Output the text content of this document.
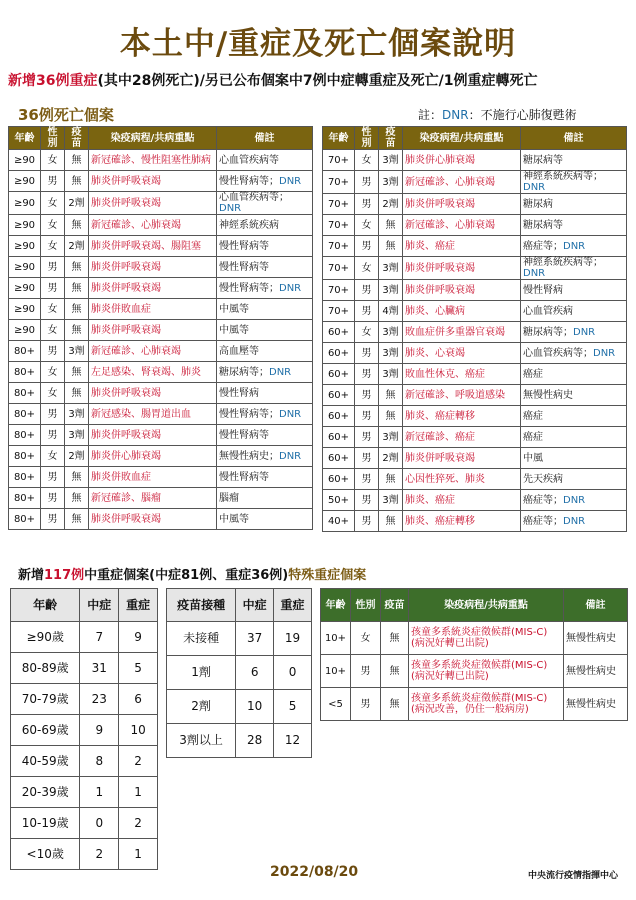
本土中/重症及死亡個案說明
新增36例重症(其中28例死亡)/另已公布個案中7例中症轉重症及死亡/1例重症轉死亡
36例死亡個案	註：DNR：不施行心肺復甦術
年齡	性別	疫苗	染疫病程/共病重點	備註
≥90	女	無	新冠確診、慢性阻塞性肺病	心血管疾病等
≥90	男	無	肺炎併呼吸衰竭	慢性腎病等；DNR
≥90	女	2劑	肺炎併呼吸衰竭	心血管疾病等；DNR
≥90	女	無	新冠確診、心肺衰竭	神經系統疾病
≥90	女	2劑	肺炎併呼吸衰竭、腸阻塞	慢性腎病等
≥90	男	無	肺炎併呼吸衰竭	慢性腎病等
≥90	男	無	肺炎併呼吸衰竭	慢性腎病等；DNR
≥90	女	無	肺炎併敗血症	中風等
≥90	女	無	肺炎併呼吸衰竭	中風等
80+	男	3劑	新冠確診、心肺衰竭	高血壓等
80+	女	無	左足感染、腎衰竭、肺炎	糖尿病等；DNR
80+	女	無	肺炎併呼吸衰竭	慢性腎病
80+	男	3劑	新冠感染、腸胃道出血	慢性腎病等；DNR
80+	男	3劑	肺炎併呼吸衰竭	慢性腎病等
80+	女	2劑	肺炎併心肺衰竭	無慢性病史；DNR
80+	男	無	肺炎併敗血症	慢性腎病等
80+	男	無	新冠確診、腦瘤	腦瘤
80+	男	無	肺炎併呼吸衰竭	中風等
年齡	性別	疫苗	染疫病程/共病重點	備註
70+	女	3劑	肺炎併心肺衰竭	糖尿病等
70+	男	3劑	新冠確診、心肺衰竭	神經系統疾病等；DNR
70+	男	2劑	肺炎併呼吸衰竭	糖尿病
70+	女	無	新冠確診、心肺衰竭	糖尿病等
70+	男	無	肺炎、癌症	癌症等；DNR
70+	女	3劑	肺炎併呼吸衰竭	神經系統疾病等；DNR
70+	男	3劑	肺炎併呼吸衰竭	慢性腎病
70+	男	4劑	肺炎、心臟病	心血管疾病
60+	女	3劑	敗血症併多重器官衰竭	糖尿病等；DNR
60+	男	3劑	肺炎、心衰竭	心血管疾病等；DNR
60+	男	3劑	敗血性休克、癌症	癌症
60+	男	無	新冠確診、呼吸道感染	無慢性病史
60+	男	無	肺炎、癌症轉移	癌症
60+	男	3劑	新冠確診、癌症	癌症
60+	男	2劑	肺炎併呼吸衰竭	中風
60+	男	無	心因性猝死、肺炎	先天疾病
50+	男	3劑	肺炎、癌症	癌症等；DNR
40+	男	無	肺炎、癌症轉移	癌症等；DNR
新增117例中重症個案(中症81例、重症36例)特殊重症個案
年齡	中症	重症
≥90歲	7	9
80-89歲	31	5
70-79歲	23	6
60-69歲	9	10
40-59歲	8	2
20-39歲	1	1
10-19歲	0	2
<10歲	2	1
疫苗接種	中症	重症
未接種	37	19
1劑	6	0
2劑	10	5
3劑以上	28	12
年齡	性別	疫苗	染疫病程/共病重點	備註
10+	女	無	孩童多系統炎症徵候群(MIS-C) (病況好轉已出院)	無慢性病史
10+	男	無	孩童多系統炎症徵候群(MIS-C) (病況好轉已出院)	無慢性病史
<5	男	無	孩童多系統炎症徵候群(MIS-C) (病況改善，仍住一般病房)	無慢性病史
2022/08/20	中央流行疫情指揮中心
